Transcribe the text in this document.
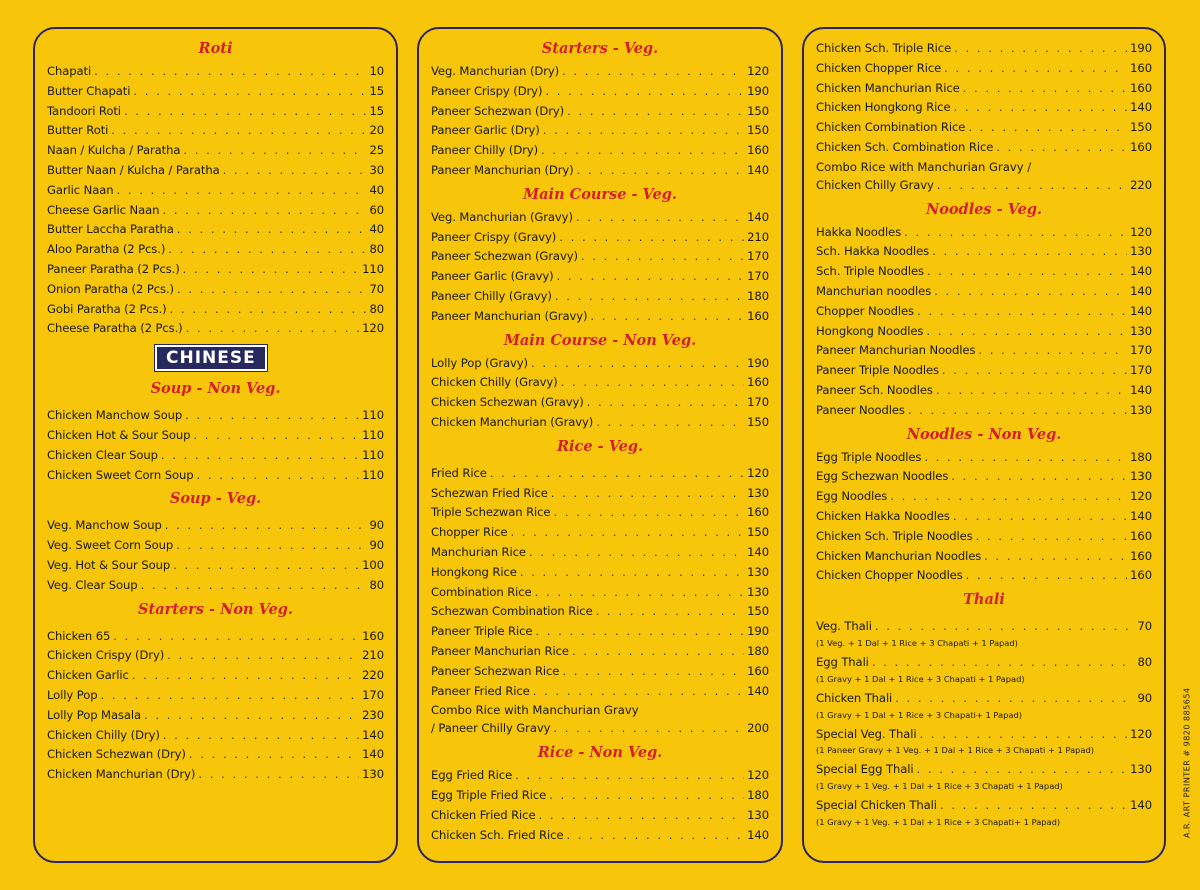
Roti
Chapati . . .	10
Butter Chapati . . .	15
Tandoori Roti . . .	15
Butter Roti . . .	20
Naan / Kulcha / Paratha . . .	25
Butter Naan / Kulcha / Paratha . . .	30
Garlic Naan . . .	40
Cheese Garlic Naan . . .	60
Butter Laccha Paratha . . .	40
Aloo Paratha (2 Pcs.) . . .	80
Paneer Paratha (2 Pcs.) . . .	110
Onion Paratha (2 Pcs.) . . .	70
Gobi Paratha (2 Pcs.) . . .	80
Cheese Paratha (2 Pcs.) . . .	120
CHINESE
Soup - Non Veg.
Chicken Manchow Soup . . .	110
Chicken Hot & Sour Soup . . .	110
Chicken Clear Soup . . .	110
Chicken Sweet Corn Soup . . .	110
Soup - Veg.
Veg. Manchow Soup . . .	90
Veg. Sweet Corn Soup . . .	90
Veg. Hot & Sour Soup . . .	100
Veg. Clear Soup . . .	80
Starters - Non Veg.
Chicken 65 . . .	160
Chicken Crispy (Dry) . . .	210
Chicken Garlic . . .	220
Lolly Pop . . .	170
Lolly Pop Masala . . .	230
Chicken Chilly (Dry) . . .	140
Chicken Schezwan (Dry) . . .	140
Chicken Manchurian (Dry) . . .	130
Starters - Veg.
Veg. Manchurian (Dry) . . .	120
Paneer Crispy (Dry) . . .	190
Paneer Schezwan (Dry) . . .	150
Paneer Garlic (Dry) . . .	150
Paneer Chilly (Dry) . . .	160
Paneer Manchurian (Dry) . . .	140
Main Course - Veg.
Veg. Manchurian (Gravy) . . .	140
Paneer Crispy (Gravy) . . .	210
Paneer Schezwan (Gravy) . . .	170
Paneer Garlic (Gravy) . . .	170
Paneer Chilly (Gravy) . . .	180
Paneer Manchurian (Gravy) . . .	160
Main Course - Non Veg.
Lolly Pop (Gravy) . . .	190
Chicken Chilly (Gravy) . . .	160
Chicken Schezwan (Gravy) . . .	170
Chicken Manchurian (Gravy) . . .	150
Rice - Veg.
Fried Rice . . .	120
Schezwan Fried Rice . . .	130
Triple Schezwan Rice . . .	160
Chopper Rice . . .	150
Manchurian Rice . . .	140
Hongkong Rice . . .	130
Combination Rice . . .	130
Schezwan Combination Rice . . .	150
Paneer Triple Rice . . .	190
Paneer Manchurian Rice . . .	180
Paneer Schezwan Rice . . .	160
Paneer Fried Rice . . .	140
Combo Rice with Manchurian Gravy
/ Paneer Chilly Gravy . . .	200
Rice - Non Veg.
Egg Fried Rice . . .	120
Egg Triple Fried Rice . . .	180
Chicken Fried Rice . . .	130
Chicken Sch. Fried Rice . . .	140
Chicken Sch. Triple Rice . . .	190
Chicken Chopper Rice . . .	160
Chicken Manchurian Rice . . .	160
Chicken Hongkong Rice . . .	140
Chicken Combination Rice . . .	150
Chicken Sch. Combination Rice . . .	160
Combo Rice with Manchurian Gravy /
Chicken Chilly Gravy . . .	220
Noodles - Veg.
Hakka Noodles . . .	120
Sch. Hakka Noodles . . .	130
Sch. Triple Noodles . . .	140
Manchurian noodles . . .	140
Chopper Noodles . . .	140
Hongkong Noodles . . .	130
Paneer Manchurian Noodles . . .	170
Paneer Triple Noodles . . .	170
Paneer Sch. Noodles . . .	140
Paneer Noodles . . .	130
Noodles - Non Veg.
Egg Triple Noodles . . .	180
Egg Schezwan Noodles . . .	130
Egg Noodles . . .	120
Chicken Hakka Noodles . . .	140
Chicken Sch. Triple Noodles . . .	160
Chicken Manchurian Noodles . . .	160
Chicken Chopper Noodles . . .	160
Thali
Veg. Thali . . .	70
(1 Veg. + 1 Dal + 1 Rice + 3 Chapati + 1 Papad)
Egg Thali . . .	80
(1 Gravy + 1 Dal + 1 Rice + 3 Chapati + 1 Papad)
Chicken Thali . . .	90
(1 Gravy + 1 Dal + 1 Rice + 3 Chapati+ 1 Papad)
Special Veg. Thali . . .	120
(1 Paneer Gravy + 1 Veg. + 1 Dal + 1 Rice + 3 Chapati + 1 Papad)
Special Egg Thali . . .	130
(1 Gravy + 1 Veg. + 1 Dal + 1 Rice + 3 Chapati + 1 Papad)
Special Chicken Thali . . .	140
(1 Gravy + 1 Veg. + 1 Dal + 1 Rice + 3 Chapati+ 1 Papad)	A.R. ART PRINTER # 9820 885654
